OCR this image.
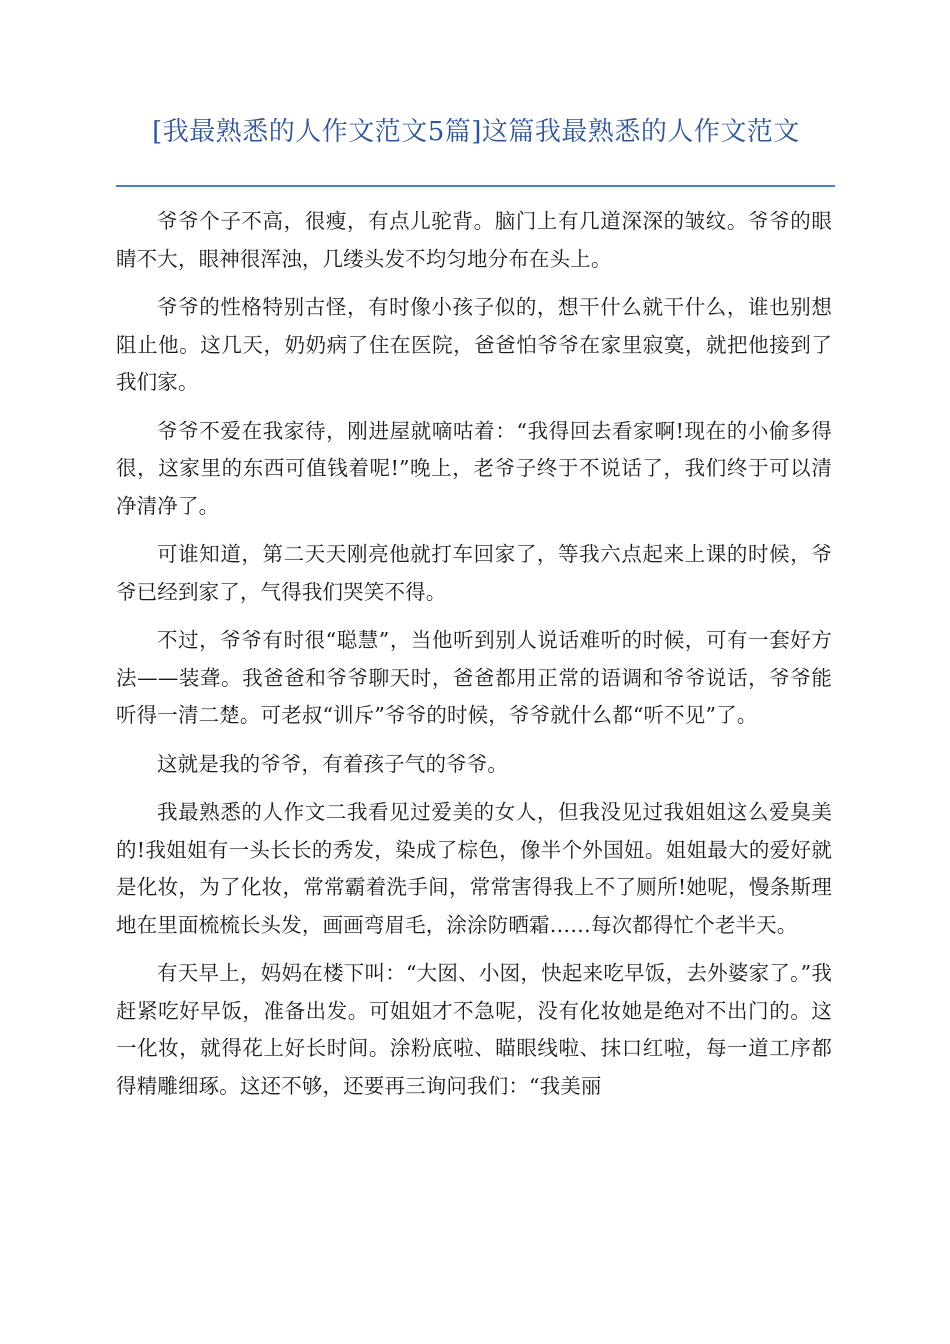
[我最熟悉的人作文范文5篇]这篇我最熟悉的人作文范文

爷爷个子不高，很瘦，有点儿驼背。脑门上有几道深深的皱纹。爷爷的眼睛不大，眼神很浑浊，几缕头发不均匀地分布在头上。

爷爷的性格特别古怪，有时像小孩子似的，想干什么就干什么，谁也别想阻止他。这几天，奶奶病了住在医院，爸爸怕爷爷在家里寂寞，就把他接到了我们家。

爷爷不爱在我家待，刚进屋就嘀咕着：“我得回去看家啊!现在的小偷多得很，这家里的东西可值钱着呢!”晚上，老爷子终于不说话了，我们终于可以清净清净了。

可谁知道，第二天天刚亮他就打车回家了，等我六点起来上课的时候，爷爷已经到家了，气得我们哭笑不得。

不过，爷爷有时很“聪慧”，当他听到别人说话难听的时候，可有一套好方法——装聋。我爸爸和爷爷聊天时，爸爸都用正常的语调和爷爷说话，爷爷能听得一清二楚。可老叔“训斥”爷爷的时候，爷爷就什么都“听不见”了。

这就是我的爷爷，有着孩子气的爷爷。

我最熟悉的人作文二我看见过爱美的女人，但我没见过我姐姐这么爱臭美的!我姐姐有一头长长的秀发，染成了棕色，像半个外国妞。姐姐最大的爱好就是化妆，为了化妆，常常霸着洗手间，常常害得我上不了厕所!她呢，慢条斯理地在里面梳梳长头发，画画弯眉毛，涂涂防晒霜……每次都得忙个老半天。

有天早上，妈妈在楼下叫：“大囡、小囡，快起来吃早饭，去外婆家了。”我赶紧吃好早饭，准备出发。可姐姐才不急呢，没有化妆她是绝对不出门的。这一化妆，就得花上好长时间。涂粉底啦、瞄眼线啦、抹口红啦，每一道工序都得精雕细琢。这还不够，还要再三询问我们：“我美丽
